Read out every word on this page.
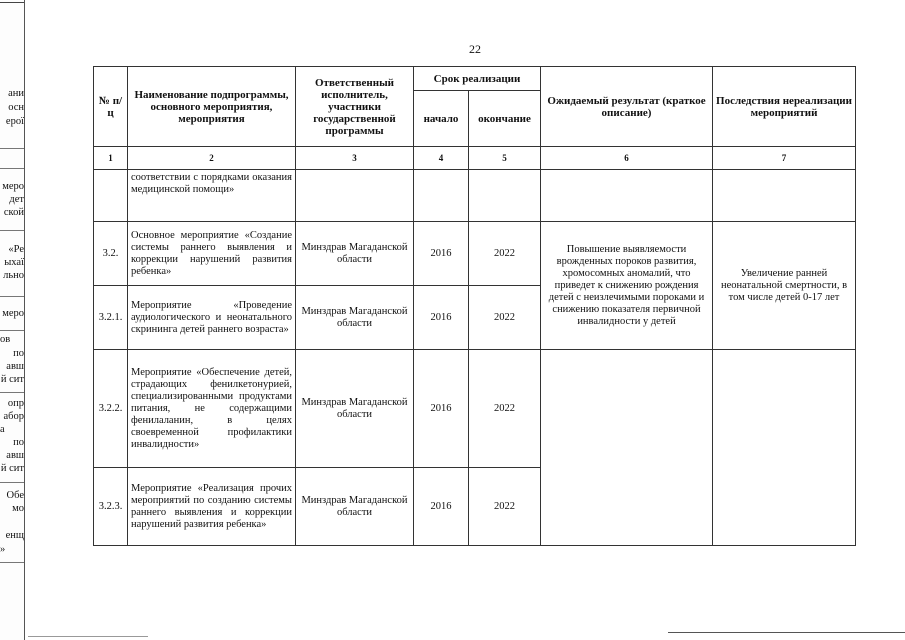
ани
осн
ерої
меро
дет
ской
«Ре
ыхаї
льно
меро
ов
по
авш
й сит
опр
абор
а
по
авш
й сит
Обе
мо
енщ
»
22
№ п/ц	Наименование подпрограммы, основного мероприятия, мероприятия	Ответственный исполнитель, участники государственной программы	Срок реализации		Ожидаемый результат (краткое описание)	Последствия нереализации мероприятий
			начало	окончание		
1	2	3	4	5	6	7
	соответствии с порядками оказания медицинской помощи»					
3.2.	Основное мероприятие «Создание системы раннего выявления и коррекции нарушений развития ребенка»	Минздрав Магаданской области	2016	2022	Повышение выявляемости врожденных пороков развития, хромосомных аномалий, что приведет к снижению рождения детей с неизлечимыми пороками и снижению показателя первичной инвалидности у детей	Увеличение ранней неонатальной смертности, в том числе детей 0-17 лет
3.2.1.	Мероприятие «Проведение аудиологического и неонатального скрининга детей раннего возраста»	Минздрав Магаданской области	2016	2022		
3.2.2.	Мероприятие «Обеспечение детей, страдающих фенилкетонурией, специализированными продуктами питания, не содержащими фенилаланин, в целях своевременной профилактики инвалидности»	Минздрав Магаданской области	2016	2022		
3.2.3.	Мероприятие «Реализация прочих мероприятий по созданию системы раннего выявления и коррекции нарушений развития ребенка»	Минздрав Магаданской области	2016	2022		
